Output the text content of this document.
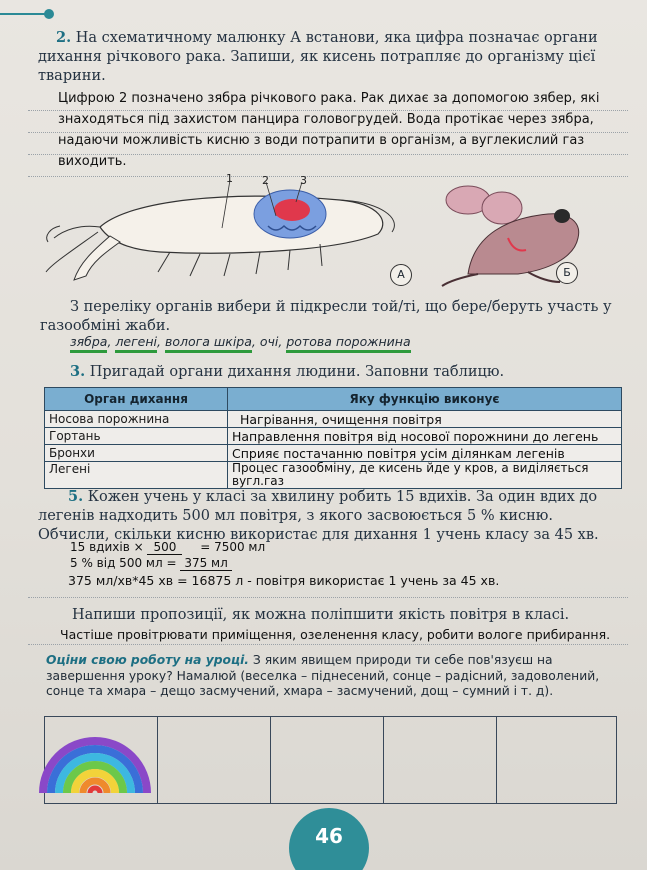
2. На схематичному малюнку А встанови, яка цифра позначає органи дихання річкового рака. Запиши, як кисень потрапляє до організму цієї тварини.
Цифрою 2 позначено зябра річкового рака. Рак дихає за допомогою зябер, які
знаходяться під захистом панцира головогрудей. Вода протікає через зябра,
надаючи можливість кисню з води потрапити в організм, а вуглекислий газ
виходить.
1	2	3
А	Б
З переліку органів вибери й підкресли той/ті, що бере/беруть участь у газообміні жаби.
зябра, легені, волога шкіра, очі, ротова порожнина
3. Пригадай органи дихання людини. Заповни таблицю.
Орган дихання	Яку функцію виконує
Носова порожнина	Нагрівання, очищення повітря
Гортань	Направлення повітря від носової порожнини до легень
Бронхи	Сприяє постачанню повітря усім ділянкам легенів
Легені	Процес газообміну, де кисень йде у кров, а виділяється вугл.газ
5. Кожен учень у класі за хвилину робить 15 вдихів. За один вдих до легенів надходить 500 мл повітря, з якого засвоюється 5 % кисню. Обчисли, скільки кисню використає для дихання 1 учень класу за 45 хв.
15 вдихів × 500 = 7500 мл
5 % від 500 мл = 375 мл
375 мл/хв*45 хв = 16875 л - повітря використає 1 учень за 45 хв.
Напиши пропозиції, як можна поліпшити якість повітря в класі.
Частіше провітрювати приміщення, озеленення класу, робити вологе прибирання.
Оціни свою роботу на уроці. З яким явищем природи ти себе пов'язуєш на завершення уроку? Намалюй (веселка – піднесений, сонце – радісний, задоволений, сонце та хмара – дещо засмучений, хмара – засмучений, дощ – сумний і т. д).

46
